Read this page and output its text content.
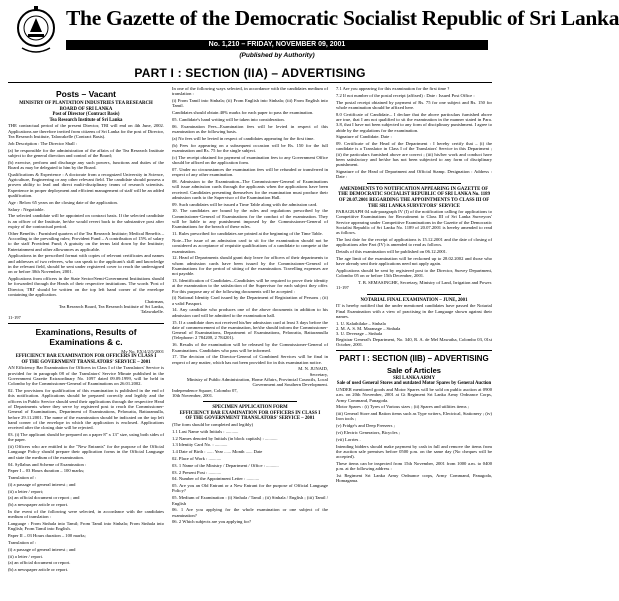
The Gazette of the Democratic Socialist Republic of Sri Lanka
No. 1,210 – FRIDAY, NOVEMBER 09, 2001
(Published by Authority)
PART I : SECTION (IIA) – ADVERTISING
Posts – Vacant
MINISTRY OF PLANTATION INDUSTRIES TEA RESEARCH
BOARD OF SRI LANKA
Post of Director (Contract Basis)
Tea Research Institute of Sri Lanka

THE contractual period of the present Director, TRI will end on 4th June, 2002. Applications are therefore invited from citizens of Sri Lanka for the post of Director, Tea Research Institute, Talawakelle (Contract Basis).

Job Description : The Director Shall :

(a) be responsible for the administration of the affairs of the Tea Research Institute subject to the general direction and control of the Board;

(b) exercise, perform and discharge any such powers, functions and duties of the Board as may be delegated to him by the Board.

Qualifications & Experience : A doctorate from a recognized University in Science, Agriculture, Engineering or any other relevant field. The candidate should possess a proven ability to lead and direct multi-disciplinary teams of research scientists. Experience in proper deployment and efficient management of staff will be an added qualification.

Age : Below 65 years on the closing date of the application.

Salary : Negotiable.

The selected candidate will be appointed on contract basis. If the selected candidate is an officer of the Institute, he/she would revert back to the substantive post after expiry of the contractual period.

Other Benefits : Furnished quarters of the Tea Research Institute; Medical Benefits – According to the prevailing rules; Provident Fund – A contribution of 15% of salary to the staff Provident Fund; A gratuity on the terms laid down by the Institute; Entertainment and other allowances as applicable.

Applications in the prescribed format with copies of relevant certificates and names and addresses of two referees, who can speak to the applicant's skill and knowledge in the relevant field, should be sent under registered cover to reach the undersigned on or before 30th November, 2001.

Applications from officers in the State Sector/Semi-Government Institutions should be forwarded through the Heads of their respective institutions. The words 'Post of Director, TRI' should be written on the top left hand corner of the envelope containing the application.

Chairman,
Tea Research Board, Tea Research Institute of Sri Lanka,
Talawakelle.
11-197
Examinations, Results of Examinations & c.
My No. EX/4/2/5/2001
EFFICIENCY BAR EXAMINATION FOR OFFICERS IN CLASS I
OF THE GOVERNMENT TRANSLATORS' SERVICE – 2001

AN Efficiency Bar Examination for Officers in Class I of the Translators' Service is provided for in paragraph 08 of the Translators' Service Minute published in the Government Gazette Extraordinary No. 1097 dated 09.09.1999, will be held in Colombo by the Commissioner-General of Examinations on 26.01.2002.

02. The provisions for qualification of this examination is published in the end of this notification. Applications should be prepared correctly and legibly and the officers in Public Service should send their applications through the respective Head of Departments where they serve by registered post to reach the Commissioner-General of Examinations, Department of Examinations, Pelawatta, Battaramulla, before 29.11.2001. The name of the examination should be indicated on the top left hand corner of the envelope in which the application is enclosed. Applications received after the closing date will be rejected.

03. (i) The applicant should be prepared on a paper 8" x 13" size, using both sides of the paper.

(ii) Officers who are entitled to the "New Entrants" for the purpose of the Official Language Policy should prepare their application forms in the Official Language and state the medium of the examination.

04. Syllabus and Scheme of Examination :

Paper I – 03 Hours duration – 100 marks;

Translation of :

(i) a passage of general interest ; and

(ii) a letter / report;

(a) an official document or report ; and

(b) a newspaper article or report.

In the event of the following were selected, in accordance with the candidates medium of translation :

Language : From Sinhala into Tamil; From Tamil into Sinhala; From Sinhala into English; From Tamil into English.

Paper II – 03 Hours duration – 100 marks;

Translation of :

(i) a passage of general interest ; and

(ii) a letter / report.

(a) an official document or report.

(b) a newspaper article or report.

In one of the following ways selected, in accordance with the candidates medium of translation :

(i) From Tamil into Sinhala; (ii) From English into Sinhala; (iii) From English into Tamil.

Candidates should obtain 40% marks for each paper to pass the examination.

05. Candidate's hand writing will be taken into consideration.

06. Examination Fees.–Examination fees will be levied in respect of this examination as the following basis.

(a) No fees will be levied in respect of candidates appearing for the first time.

(b) Fees for appearing on a subsequent occasion will be Rs. 150 for the full examination and Rs. 75 for the single subject.

(c) The receipt obtained for payment of examination fees to any Government Office should be affixed on the application form.

07. Under no circumstances the examination fees will be refunded or transferred in respect of any other examination.

08. Admission to the Examination.–The Commissioner-General of Examinations will issue admission cards through the applicants when the applications have been received. Candidates presenting themselves for the examination must produce their admission cards to the Supervisor of the Examination Hall.

09. Such candidates will be issued a Time Table along with the admission card.

10. The candidates are bound by the rules and regulations prescribed by the Commissioner-General of Examinations for the conduct of the examination. They will be liable to any punishment imposed by the Commissioner-General of Examinations for the breach of these rules.

11. Rules prescribed for candidates are printed at the beginning of the Time Table.

Note.–The issue of an admission card to sit for the examination should not be considered as acceptance of requisite qualifications of a candidate to compete at the examination.

12. Head of Departments should grant duty leave for officers of their departments to whom admission cards have been issued by the Commissioner-General of Examinations for the period of sitting of the examination. Travelling expenses are not payable.

13. Identification of Candidates.–Candidates will be required to prove their identity at the examination to the satisfaction of the Supervisor for each subject they offer. For this purpose any of the following documents will be accepted :

(i) National Identity Card issued by the Department of Registration of Persons ; (ii) a valid Passport.

14. Any candidate who produces one of the above documents in addition to his admission card will be admitted to the examination hall.

15. If a candidate does not received his/her admission card at least 3 days before the date of commencement of the examination, he/she should inform the Commissioner-General of Examinations, Department of Examinations, Pelawatta, Battaramulla (Telephone: 2 784208, 2 784201).

16. Results of the examination will be released by the Commissioner-General of Examinations. Candidates who pass will be informed.

17. The decision of the Director-General of Combined Services will be final in respect of any matter, which has not been provided for in this examination notice.

M. N. JUNAID,
Secretary,
Ministry of Public Administration, Home Affairs, Provincial Councils, Local Government and Southern Development.
Independence Square, Colombo 07,
10th November, 2001.
SPECIMEN APPLICATION FORM
EFFICIENCY BAR EXAMINATION FOR OFFICERS IN CLASS I
OF THE GOVERNMENT TRANSLATORS' SERVICE – 2001

(The form should be completed and legibly)

1.1 Last Name with Initials : ...........

1.2 Names denoted by Initials (in block capitals) : ...........

1.3 Identity Card No. : ...........

1.4 Date of Birth : ...... Year ...... Month ...... Date

02. Place of Work : ...........

03. 1 Name of the Ministry / Department / Office : ...........

03. 2 Present Post : ...........

04. Number of the Appointment Letter : ...........

05. Are you an Old Entrant or a New Entrant for the purpose of Official Language Policy?

05. Medium of Examination : (i) Sinhala / Tamil ; (ii) Sinhala / English ; (iii) Tamil / English

06. 1 Are you applying for the whole examination or one subject of the examination?

06. 2 Which subjects are you applying for?

7.1 Are you appearing for this examination for the first time ?

7.2 If not number of the postal receipt (affixed) : Date : Issued Post Office :

The postal receipt obtained by payment of Rs. 75 for one subject and Rs. 150 for whole examination should be affixed here.

8.0 Certificate of Candidate.– I declare that the above particulars furnished above are true, that I am not qualified to sit the examination in the manner stated in Para. 3.8, that I have not been subjected to any form of disciplinary punishment. I agree to abide by the regulations for the examination.

Signature of Candidate. Date :

09. Certificate of the Head of the Department : I hereby certify that – (i) the candidate is a Translator in Class I of the Translators' Service in this Department ; (ii) the particulars furnished above are correct ; (iii) his/her work and conduct have been satisfactory and he/she has not been subjected to any form of disciplinary punishment.

Signature of the Head of Department and Official Stamp. Designation : Address : Date :

AMENDMENTS TO NOTIFICATION APPEARING IN GAZETTE OF THE DEMOCRATIC SOCIALIST REPUBLIC OF SRI LANKA No. 1189 OF 20.07.2001 REGARDING THE APPOINTMENTS TO CLASS III OF THE SRI LANKA SURVEYORS' SERVICE

PARAGRAPH 04 sub-paragraph IV (I) of the notification calling for applications to Competitive Examinations for Recruitment to Class III of Sri Lanka Surveyors' Service appearing under Competitive Examinations in the Gazette of the Democratic Socialist Republic of Sri Lanka No. 1189 of 20.07.2001 is hereby amended to read as follows.

The last date for the receipt of applications is 15.12.2001 and the date of closing of applications after Part (IV) is amended to read as follows.

Details of this examination will be published on 06.12.2001.

The age limit of the examination will be reckoned up to 28.02.2002 and those who have already sent their applications need not apply again.

Applications should be sent by registered post to the Director, Survey Department, Colombo 05 on or before 15th December, 2001.

T. B. SEMASINGHE, Secretary, Ministry of Land, Irrigation and Power.
11-197
NOTARIAL FINAL EXAMINATION – JUNE, 2001

IT is hereby notified that the under mentioned candidates have passed the Notarial Final Examination with a view of practising in the Language shown against their names.

1. U. Kalathilake – Sinhala
2. M. A. S. M. Maranage – Sinhala
3. U. Deverage – Sinhala

Registrar General's Department, No. 340, R. A. de Mel Mawatha, Colombo 03, 01st October, 2001.

PART I : SECTION (IIB) – ADVERTISING
Sale of Articles
SRI LANKA ARMY
Sale of used General Stores and outdated Motor Spares by General Auction

UNDER mentioned goods and Motor Spares will be sold on public auction at 0900 a.m. on 20th November, 2001 at Gt Regiment Sri Lanka Army Ordnance Corps, Army Command, Panagoda.

Motor Spares : (i) Tyres of Various sizes ; (ii) Spares and utilities items ;

(iii) General Store and Ration items such as Type writers, Electrical, Stationery ; (iv) Iron tools ;

(v) Fridge's and Deep Freezers ;

(vi) Electric Generators, Bicycles ;

(vii) Lorries .

Intending bidders should make payment by cash in full and remove the items from the auction sale premises before 0500 p.m. on the same day (No cheques will be accepted).

These items can be inspected from 15th November, 2001 from 1000 a.m. to 0400 p.m. at the following address :

1st Regiment Sri Lanka Army Ordnance corps, Army Command, Panagoda, Homagama.
